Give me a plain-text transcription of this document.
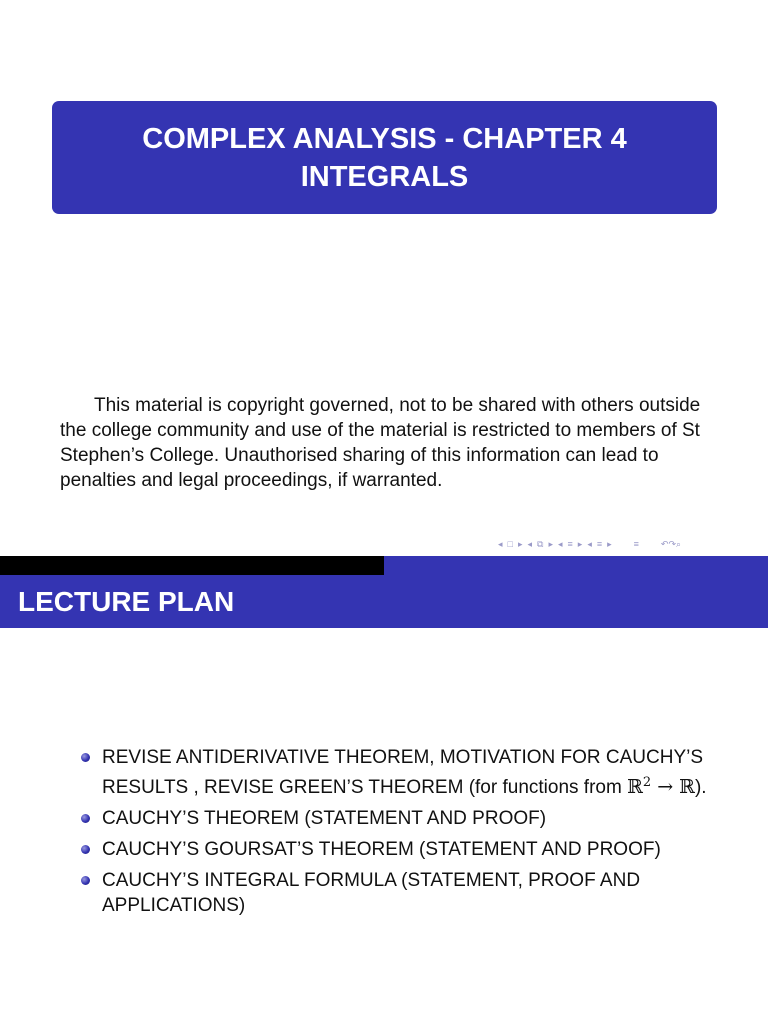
COMPLEX ANALYSIS - CHAPTER 4
INTEGRALS
This material is copyright governed, not to be shared with others outside the college community and use of the material is restricted to members of St Stephen’s College. Unauthorised sharing of this information can lead to penalties and legal proceedings, if warranted.
◂ □ ▸ ◂ ⧉ ▸ ◂ ≡ ▸ ◂ ≡ ▸ ≡ ↶↷⌕
LECTURE PLAN
REVISE ANTIDERIVATIVE THEOREM, MOTIVATION FOR CAUCHY’S RESULTS , REVISE GREEN’S THEOREM (for functions from ℝ$^2$ → ℝ).
CAUCHY’S THEOREM (STATEMENT AND PROOF)
CAUCHY’S GOURSAT’S THEOREM (STATEMENT AND PROOF)
CAUCHY’S INTEGRAL FORMULA (STATEMENT, PROOF AND APPLICATIONS)
